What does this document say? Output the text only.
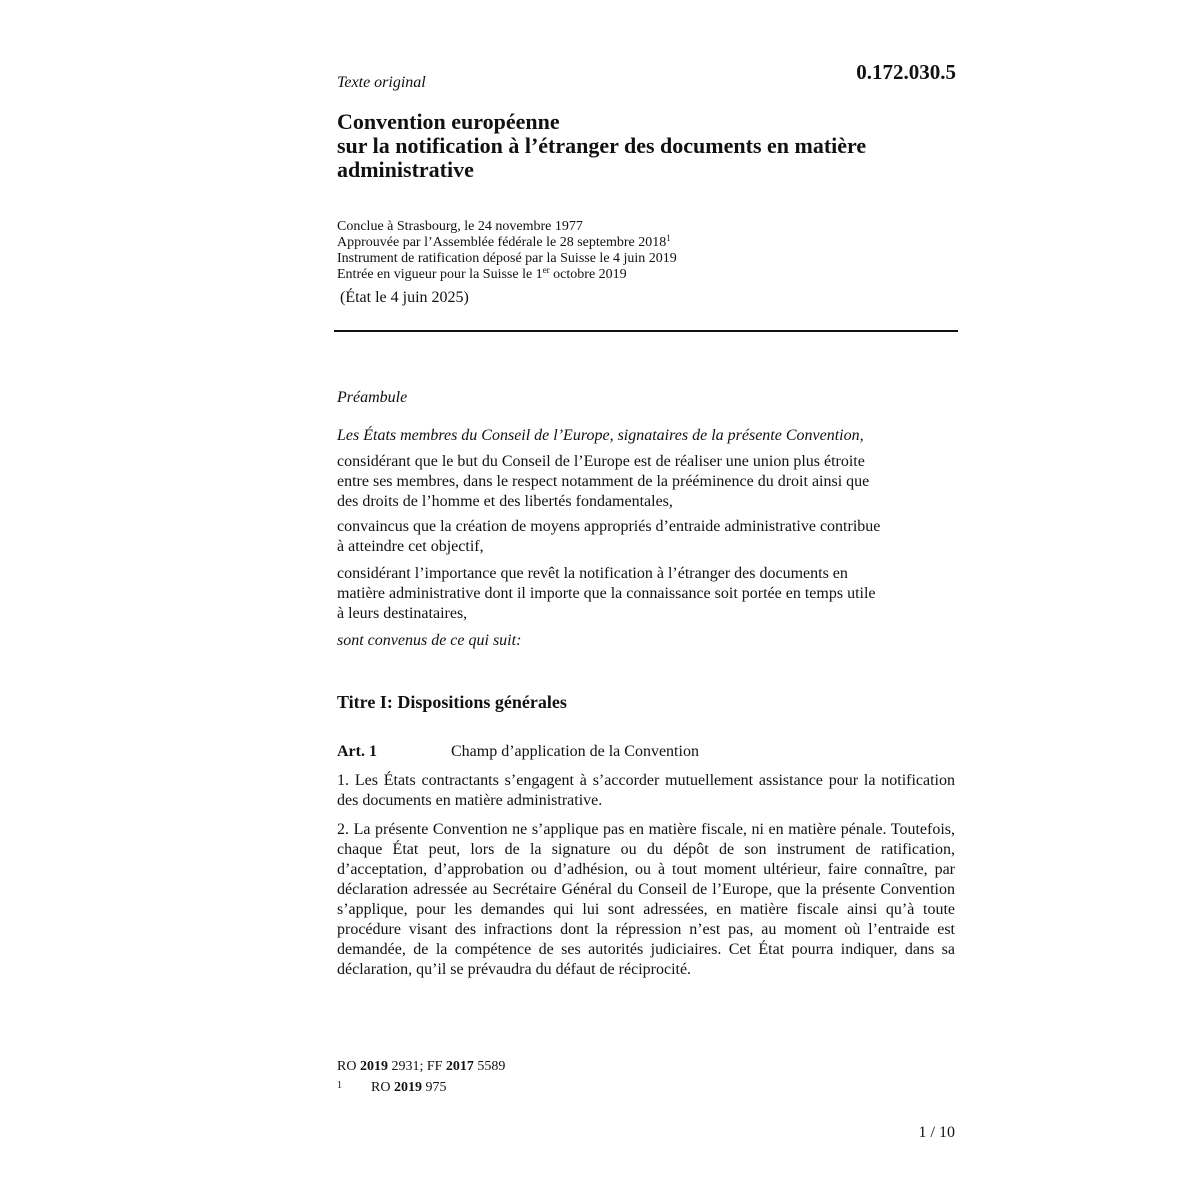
0.172.030.5
Texte original
Convention européenne
sur la notification à l’étranger des documents en matière
administrative
Conclue à Strasbourg, le 24 novembre 1977
Approuvée par l’Assemblée fédérale le 28 septembre 2018$^1$
Instrument de ratification déposé par la Suisse le 4 juin 2019
Entrée en vigueur pour la Suisse le 1er octobre 2019
(État le 4 juin 2025)
Préambule
Les États membres du Conseil de l’Europe, signataires de la présente Convention,
considérant que le but du Conseil de l’Europe est de réaliser une union plus étroite
entre ses membres, dans le respect notamment de la prééminence du droit ainsi que
des droits de l’homme et des libertés fondamentales,
convaincus que la création de moyens appropriés d’entraide administrative contribue
à atteindre cet objectif,
considérant l’importance que revêt la notification à l’étranger des documents en
matière administrative dont il importe que la connaissance soit portée en temps utile
à leurs destinataires,
sont convenus de ce qui suit:
Titre I: Dispositions générales
Art. 1	Champ d’application de la Convention
1. Les États contractants s’engagent à s’accorder mutuellement assistance pour la notification des documents en matière administrative.
2. La présente Convention ne s’applique pas en matière fiscale, ni en matière pénale. Toutefois, chaque État peut, lors de la signature ou du dépôt de son instrument de ratification, d’acceptation, d’approbation ou d’adhésion, ou à tout moment ultérieur, faire connaître, par déclaration adressée au Secrétaire Général du Conseil de l’Europe, que la présente Convention s’applique, pour les demandes qui lui sont adressées, en matière fiscale ainsi qu’à toute procédure visant des infractions dont la répression n’est pas, au moment où l’entraide est demandée, de la compétence de ses autorités judiciaires. Cet État pourra indiquer, dans sa déclaration, qu’il se prévaudra du défaut de réciprocité.
RO 2019 2931; FF 2017 5589
1 RO 2019 975
1 / 10
